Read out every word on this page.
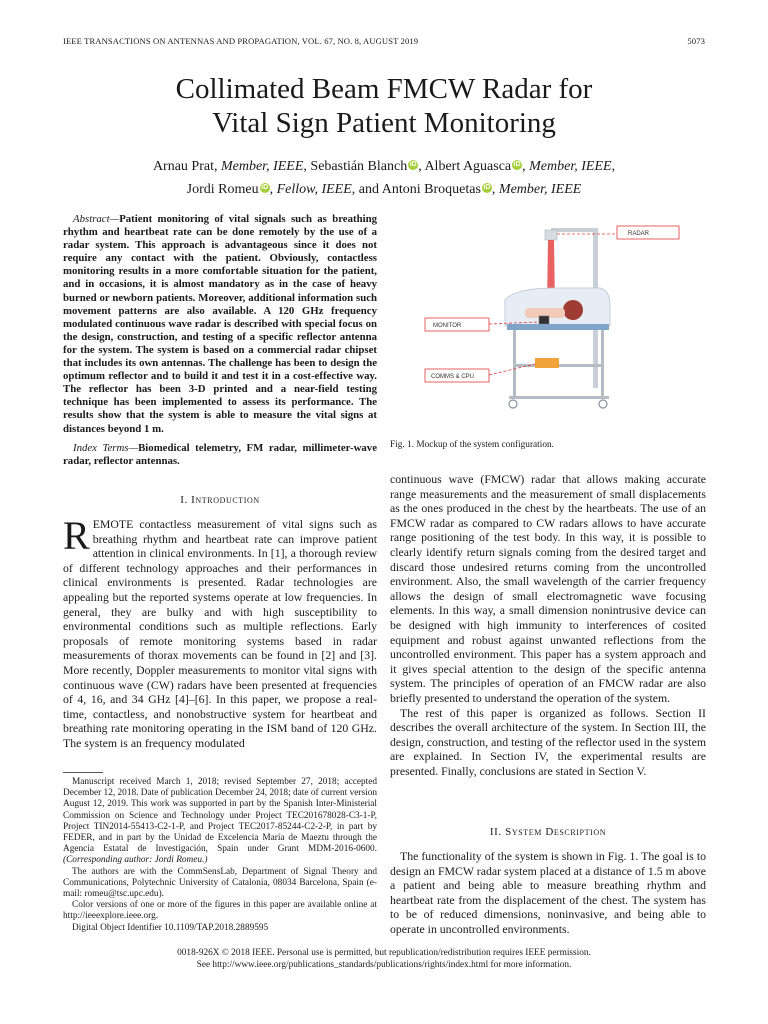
IEEE TRANSACTIONS ON ANTENNAS AND PROPAGATION, VOL. 67, NO. 8, AUGUST 2019	5073
Collimated Beam FMCW Radar for
Vital Sign Patient Monitoring
Arnau Prat, Member, IEEE, Sebastián Blanch iD , Albert Aguasca iD , Member, IEEE,
Jordi Romeu iD , Fellow, IEEE, and Antoni Broquetas iD , Member, IEEE
Abstract—Patient monitoring of vital signals such as breathing rhythm and heartbeat rate can be done remotely by the use of a radar system. This approach is advantageous since it does not require any contact with the patient. Obviously, contactless monitoring results in a more comfortable situation for the patient, and in occasions, it is almost mandatory as in the case of heavy burned or newborn patients. Moreover, additional information such movement patterns are also available. A 120 GHz frequency modulated continuous wave radar is described with special focus on the design, construction, and testing of a specific reflector antenna for the system. The system is based on a commercial radar chipset that includes its own antennas. The challenge has been to design the optimum reflector and to build it and test it in a cost-effective way. The reflector has been 3-D printed and a near-field testing technique has been implemented to assess its performance. The results show that the system is able to measure the vital signs at distances beyond 1 m.
Index Terms—Biomedical telemetry, FM radar, millimeter-wave radar, reflector antennas.
I. Introduction

REMOTE contactless measurement of vital signs such as breathing rhythm and heartbeat rate can improve patient attention in clinical environments. In [1], a thorough review of different technology approaches and their performances in clinical environments is presented. Radar technologies are appealing but the reported systems operate at low frequencies. In general, they are bulky and with high susceptibility to environmental conditions such as multiple reflections. Early proposals of remote monitoring systems based in radar measurements of thorax movements can be found in [2] and [3]. More recently, Doppler measurements to monitor vital signs with continuous wave (CW) radars have been presented at frequencies of 4, 16, and 34 GHz [4]–[6]. In this paper, we propose a real-time, contactless, and nonobstructive system for heartbeat and breathing rate monitoring operating in the ISM band of 120 GHz. The system is an frequency modulated

Manuscript received March 1, 2018; revised September 27, 2018; accepted December 12, 2018. Date of publication December 24, 2018; date of current version August 12, 2019. This work was supported in part by the Spanish Inter-Ministerial Commission on Science and Technology under Project TEC20167802​8-C3-1-P, Project TIN2014-55413-C2-1-P, and Project TEC2017-85244-C2-2-P, in part by FEDER, and in part by the Unidad de Excelencia María de Maeztu through the Agencia Estatal de Investigación, Spain under Grant MDM-2016-0600. (Corresponding author: Jordi Romeu.)

The authors are with the CommSensLab, Department of Signal Theory and Communications, Polytechnic University of Catalonia, 08034 Barcelona, Spain (e-mail: romeu@tsc.upc.edu).

Color versions of one or more of the figures in this paper are available online at http://ieeexplore.ieee.org.

Digital Object Identifier 10.1109/TAP.2018.2889595

RADAR
MONITOR
COMMS & CPU
Fig. 1. Mockup of the system configuration.

continuous wave (FMCW) radar that allows making accurate range measurements and the measurement of small displacements as the ones produced in the chest by the heartbeats. The use of an FMCW radar as compared to CW radars allows to have accurate range positioning of the test body. In this way, it is possible to clearly identify return signals coming from the desired target and discard those undesired returns coming from the uncontrolled environment. Also, the small wavelength of the carrier frequency allows the design of small electromagnetic wave focusing elements. In this way, a small dimension nonintrusive device can be designed with high immunity to interferences of cosited equipment and robust against unwanted reflections from the uncontrolled environment. This paper has a system approach and it gives special attention to the design of the specific antenna system. The principles of operation of an FMCW radar are also briefly presented to understand the operation of the system.

The rest of this paper is organized as follows. Section II describes the overall architecture of the system. In Section III, the design, construction, and testing of the reflector used in the system are explained. In Section IV, the experimental results are presented. Finally, conclusions are stated in Section V.

II. System Description

The functionality of the system is shown in Fig. 1. The goal is to design an FMCW radar system placed at a distance of 1.5 m above a patient and being able to measure breathing rhythm and heartbeat rate from the displacement of the chest. The system has to be of reduced dimensions, noninvasive, and being able to operate in uncontrolled environments.

0018-926X © 2018 IEEE. Personal use is permitted, but republication/redistribution requires IEEE permission.
See http://www.ieee.org/publications_standards/publications/rights/index.html for more information.
